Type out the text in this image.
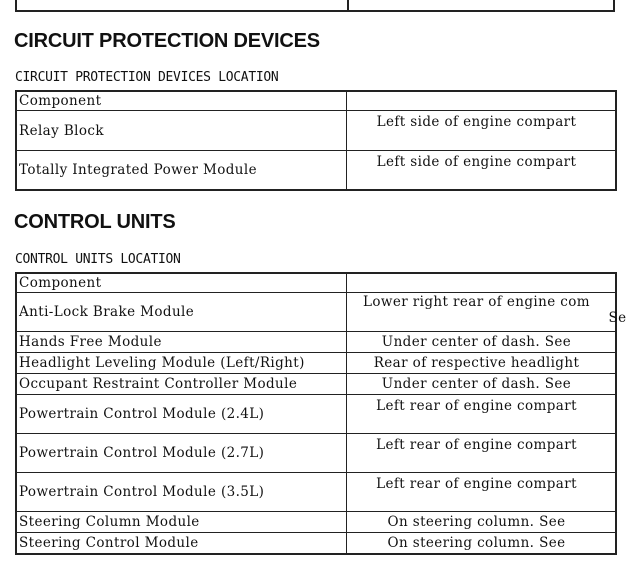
CIRCUIT PROTECTION DEVICES
CIRCUIT PROTECTION DEVICES LOCATION
Component	
Relay Block	Left side of engine compart

Totally Integrated Power Module	Left side of engine compart
CONTROL UNITS
CONTROL UNITS LOCATION
Component	
Anti-Lock Brake Module	Lower right rear of engine com

Se

Hands Free Module	Under center of dash. See

Headlight Leveling Module (Left/Right)	Rear of respective headlight

Occupant Restraint Controller Module	Under center of dash. See

Powertrain Control Module (2.4L)	Left rear of engine compart

Powertrain Control Module (2.7L)	Left rear of engine compart

Powertrain Control Module (3.5L)	Left rear of engine compart

Steering Column Module	On steering column. See

Steering Control Module	On steering column. See
